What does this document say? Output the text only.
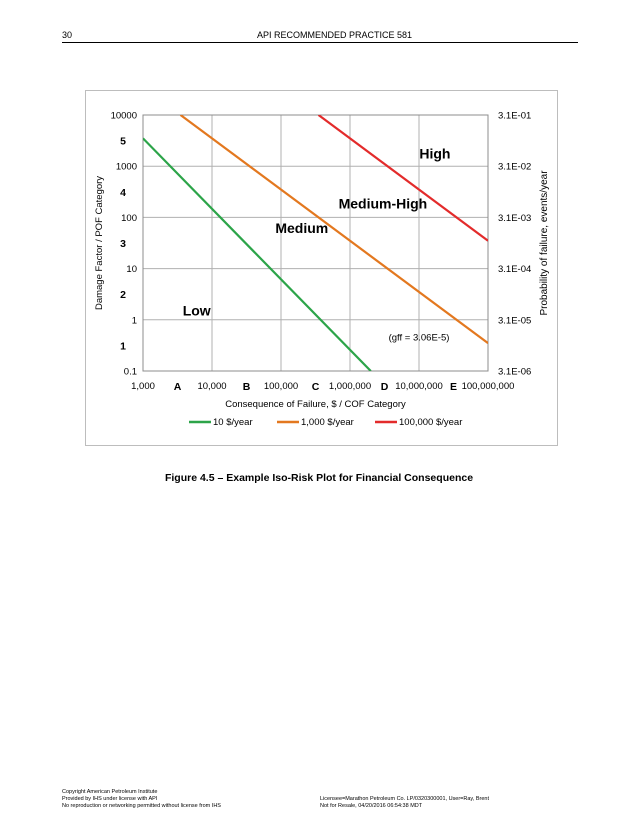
30	API RECOMMENDED PRACTICE 581
0.1
1
10
100
1000
10000
3.1E-06
3.1E-05
3.1E-04
3.1E-03
3.1E-02
3.1E-01
1,000	10,000	100,000	1,000,000	10,000,000 100,000,000
1
2
3
4
5
A	B	C	D	E
Low
Medium
Medium-High
High
(gff = 3.06E-5)
Consequence of Failure, $ / COF Category
Damage Factor / POF Category	Probability of failure, events/year
10 $/year	1,000 $/year	100,000 $/year
Figure 4.5 – Example Iso-Risk Plot for Financial Consequence
Copyright American Petroleum Institute
Provided by IHS under license with API
No reproduction or networking permitted without license from IHS
Licensee=Marathon Petroleum Co. LP/0320300001, User=Ray, Brent
Not for Resale, 04/20/2016 06:54:38 MDT
